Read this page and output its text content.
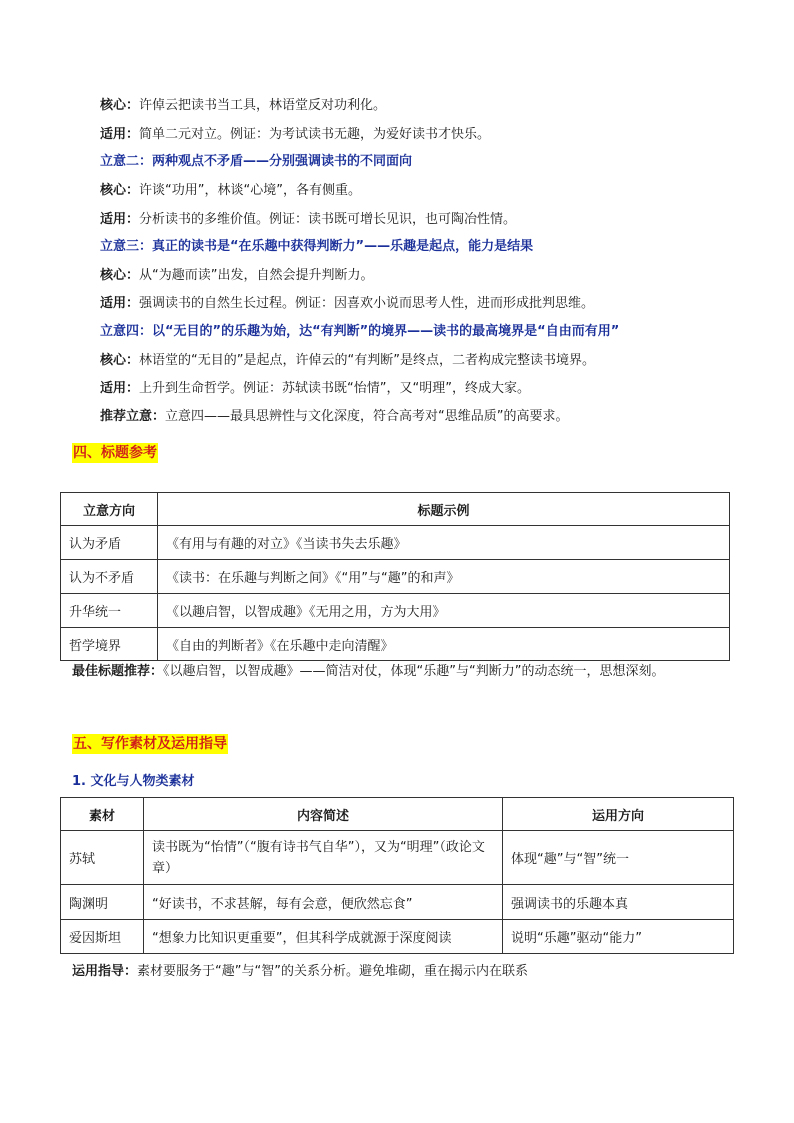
核心：许倬云把读书当工具，林语堂反对功利化。
适用：简单二元对立。例证：为考试读书无趣，为爱好读书才快乐。
立意二：两种观点不矛盾——分别强调读书的不同面向
核心：许谈“功用”，林谈“心境”，各有侧重。
适用：分析读书的多维价值。例证：读书既可增长见识，也可陶冶性情。
立意三：真正的读书是“在乐趣中获得判断力”——乐趣是起点，能力是结果
核心：从“为趣而读”出发，自然会提升判断力。
适用：强调读书的自然生长过程。例证：因喜欢小说而思考人性，进而形成批判思维。
立意四：以“无目的”的乐趣为始，达“有判断”的境界——读书的最高境界是“自由而有用”
核心：林语堂的“无目的”是起点，许倬云的“有判断”是终点，二者构成完整读书境界。
适用：上升到生命哲学。例证：苏轼读书既“怡情”，又“明理”，终成大家。
推荐立意：立意四——最具思辨性与文化深度，符合高考对“思维品质”的高要求。
四、标题参考
立意方向	标题示例
认为矛盾	《有用与有趣的对立》《当读书失去乐趣》
认为不矛盾	《读书：在乐趣与判断之间》《“用”与“趣”的和声》
升华统一	《以趣启智，以智成趣》《无用之用，方为大用》
哲学境界	《自由的判断者》《在乐趣中走向清醒》
最佳标题推荐：《以趣启智，以智成趣》——简洁对仗，体现“乐趣”与“判断力”的动态统一，思想深刻。
五、写作素材及运用指导
1. 文化与人物类素材
素材	内容简述	运用方向
苏轼	读书既为“怡情”（“腹有诗书气自华”），又为“明理”（政论文章）	体现“趣”与“智”统一
陶渊明	“好读书，不求甚解，每有会意，便欣然忘食”	强调读书的乐趣本真
爱因斯坦	“想象力比知识更重要”，但其科学成就源于深度阅读	说明“乐趣”驱动“能力”
运用指导：素材要服务于“趣”与“智”的关系分析。避免堆砌，重在揭示内在联系
